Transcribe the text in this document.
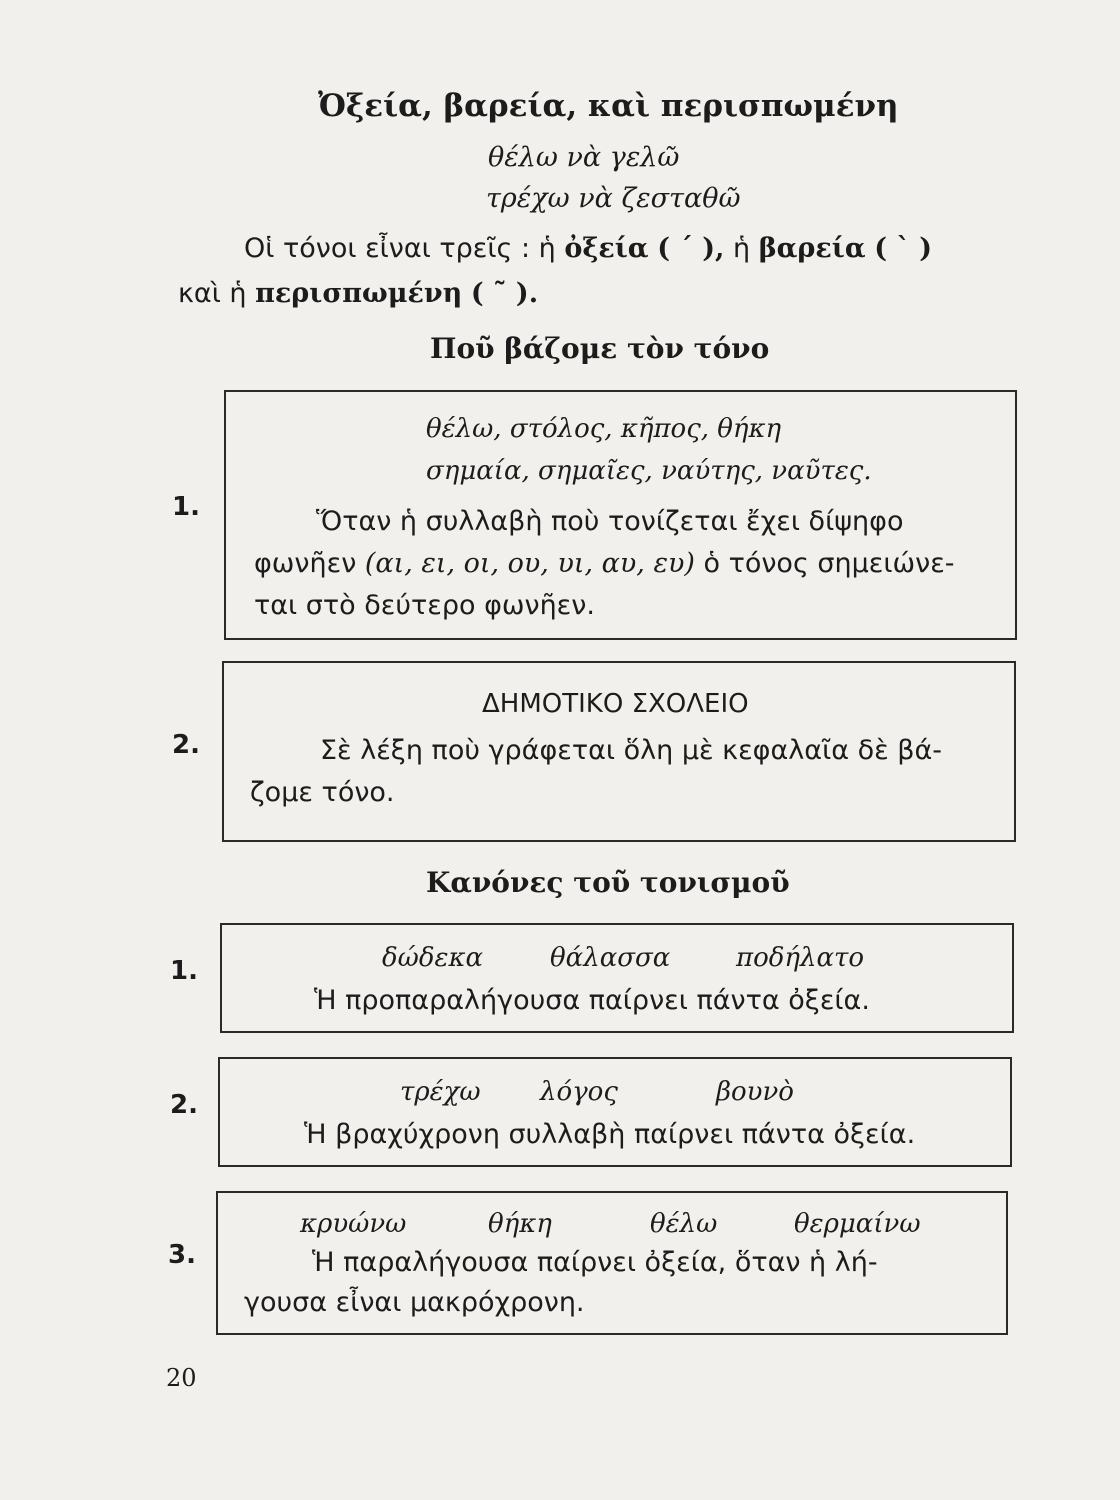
Ὀξεία, βαρεία, καὶ περισπωμένη
θέλω νὰ γελῶ
τρέχω νὰ ζεσταθῶ
Οἱ τόνοι εἶναι τρεῖς : ἡ ὀξεία ( ˊ ), ἡ βαρεία ( ˋ )
καὶ ἡ περισπωμένη ( ῀ ).
Ποῦ βάζομε τὸν τόνο
1.
θέλω, στόλος, κῆπος, θήκη
σημαία, σημαῖες, ναύτης, ναῦτες.
Ὅταν ἡ συλλαβὴ ποὺ τονίζεται ἔχει δίψηφο
φωνῆεν (αι, ει, οι, ου, υι, αυ, ευ) ὁ τόνος σημειώνε-
ται στὸ δεύτερο φωνῆεν.
2.
ΔΗΜΟΤΙΚΟ ΣΧΟΛΕΙΟ
Σὲ λέξη ποὺ γράφεται ὅλη μὲ κεφαλαῖα δὲ βά-
ζομε τόνο.
Κανόνες τοῦ τονισμοῦ
1.	δώδεκα	θάλασσα	ποδήλατο
Ἡ προπαραλήγουσα παίρνει πάντα ὀξεία.
2.	τρέχω λόγος	βουνὸ
Ἡ βραχύχρονη συλλαβὴ παίρνει πάντα ὀξεία.
3.
κρυώνω	θήκη	θέλω	θερμαίνω
Ἡ παραλήγουσα παίρνει ὀξεία, ὅταν ἡ λή-
γουσα εἶναι μακρόχρονη.
20
